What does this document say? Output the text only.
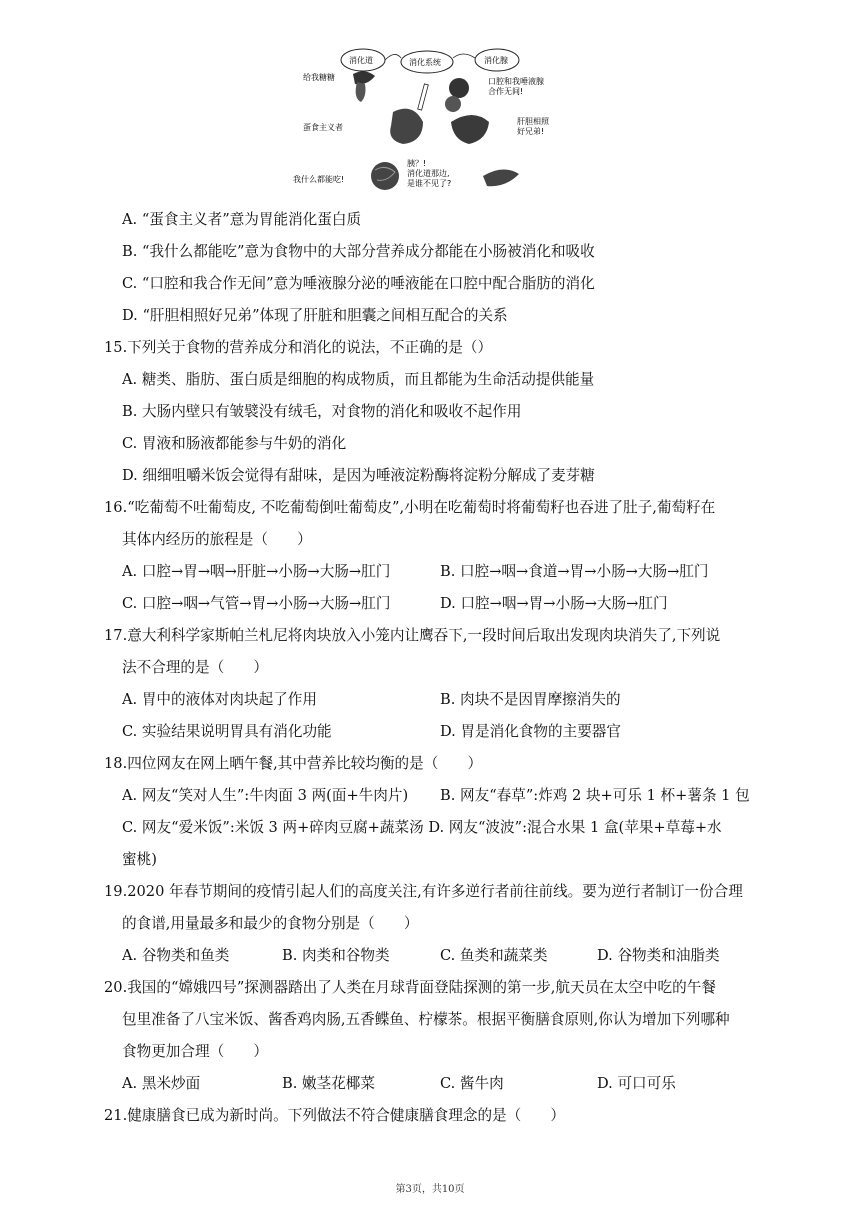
消化道	消化系统	消化腺
给我糖糖
蛋食主义者
口腔和我唾液腺合作无间!
肝胆相照好兄弟!
我什么都能吃!
胰？!消化道那边,是谁不见了?
A. “蛋食主义者”意为胃能消化蛋白质
B. “我什么都能吃”意为食物中的大部分营养成分都能在小肠被消化和吸收
C. “口腔和我合作无间”意为唾液腺分泌的唾液能在口腔中配合脂肪的消化
D. “肝胆相照好兄弟”体现了肝脏和胆囊之间相互配合的关系
15.下列关于食物的营养成分和消化的说法，不正确的是（）
A. 糖类、脂肪、蛋白质是细胞的构成物质，而且都能为生命活动提供能量
B. 大肠内壁只有皱襞没有绒毛，对食物的消化和吸收不起作用
C. 胃液和肠液都能参与牛奶的消化
D. 细细咀嚼米饭会觉得有甜味，是因为唾液淀粉酶将淀粉分解成了麦芽糖
16.“吃葡萄不吐葡萄皮, 不吃葡萄倒吐葡萄皮”,小明在吃葡萄时将葡萄籽也吞进了肚子,葡萄籽在
其体内经历的旅程是（　　）
A. 口腔→胃→咽→肝脏→小肠→大肠→肛门	B. 口腔→咽→食道→胃→小肠→大肠→肛门
C. 口腔→咽→气管→胃→小肠→大肠→肛门	D. 口腔→咽→胃→小肠→大肠→肛门
17.意大利科学家斯帕兰札尼将肉块放入小笼内让鹰吞下,一段时间后取出发现肉块消失了,下列说
法不合理的是（　　）
A. 胃中的液体对肉块起了作用	B. 肉块不是因胃摩擦消失的
C. 实验结果说明胃具有消化功能	D. 胃是消化食物的主要器官
18.四位网友在网上晒午餐,其中营养比较均衡的是（　　）
A. 网友“笑对人生”:牛肉面 3 两(面+牛肉片) B. 网友“春草”:炸鸡 2 块+可乐 1 杯+薯条 1 包
C. 网友“爱米饭”:米饭 3 两+碎肉豆腐+蔬菜汤 D. 网友“波波”:混合水果 1 盒(苹果+草莓+水
蜜桃)
19.2020 年春节期间的疫情引起人们的高度关注,有许多逆行者前往前线。要为逆行者制订一份合理
的食谱,用量最多和最少的食物分别是（　　）
A. 谷物类和鱼类	B. 肉类和谷物类	C. 鱼类和蔬菜类	D. 谷物类和油脂类
20.我国的“嫦娥四号”探测器踏出了人类在月球背面登陆探测的第一步,航天员在太空中吃的午餐
包里准备了八宝米饭、酱香鸡肉肠,五香鲽鱼、柠檬茶。根据平衡膳食原则,你认为增加下列哪种
食物更加合理（　　）
A. 黑米炒面	B. 嫩茎花椰菜	C. 酱牛肉	D. 可口可乐
21.健康膳食已成为新时尚。下列做法不符合健康膳食理念的是（　　）
第3页，共10页
